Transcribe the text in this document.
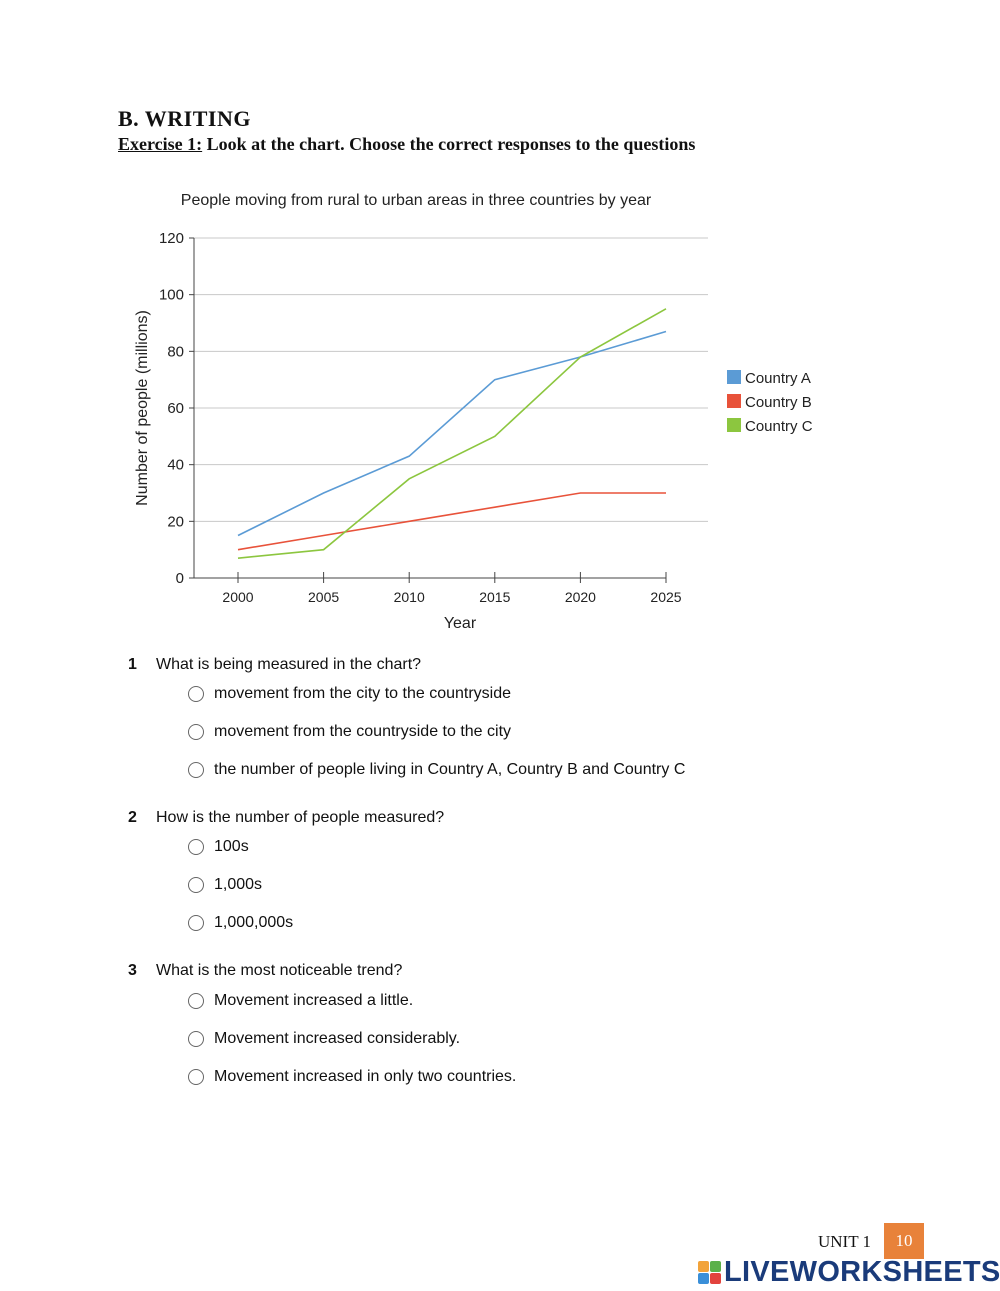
B. WRITING
Exercise 1: Look at the chart. Choose the correct responses to the questions
People moving from rural to urban areas in three countries by year
0
20
40
60
80
100
120
2000	2005	2010	2015	2020	2025
Country A
Country B
Country C
Year
Number of people (millions)
1 What is being measured in the chart?
movement from the city to the countryside
movement from the countryside to the city
the number of people living in Country A, Country B and Country C
2 How is the number of people measured?
100s
1,000s
1,000,000s
3 What is the most noticeable trend?
Movement increased a little.
Movement increased considerably.
Movement increased in only two countries.
UNIT 1	10
LIVEWORKSHEETS
